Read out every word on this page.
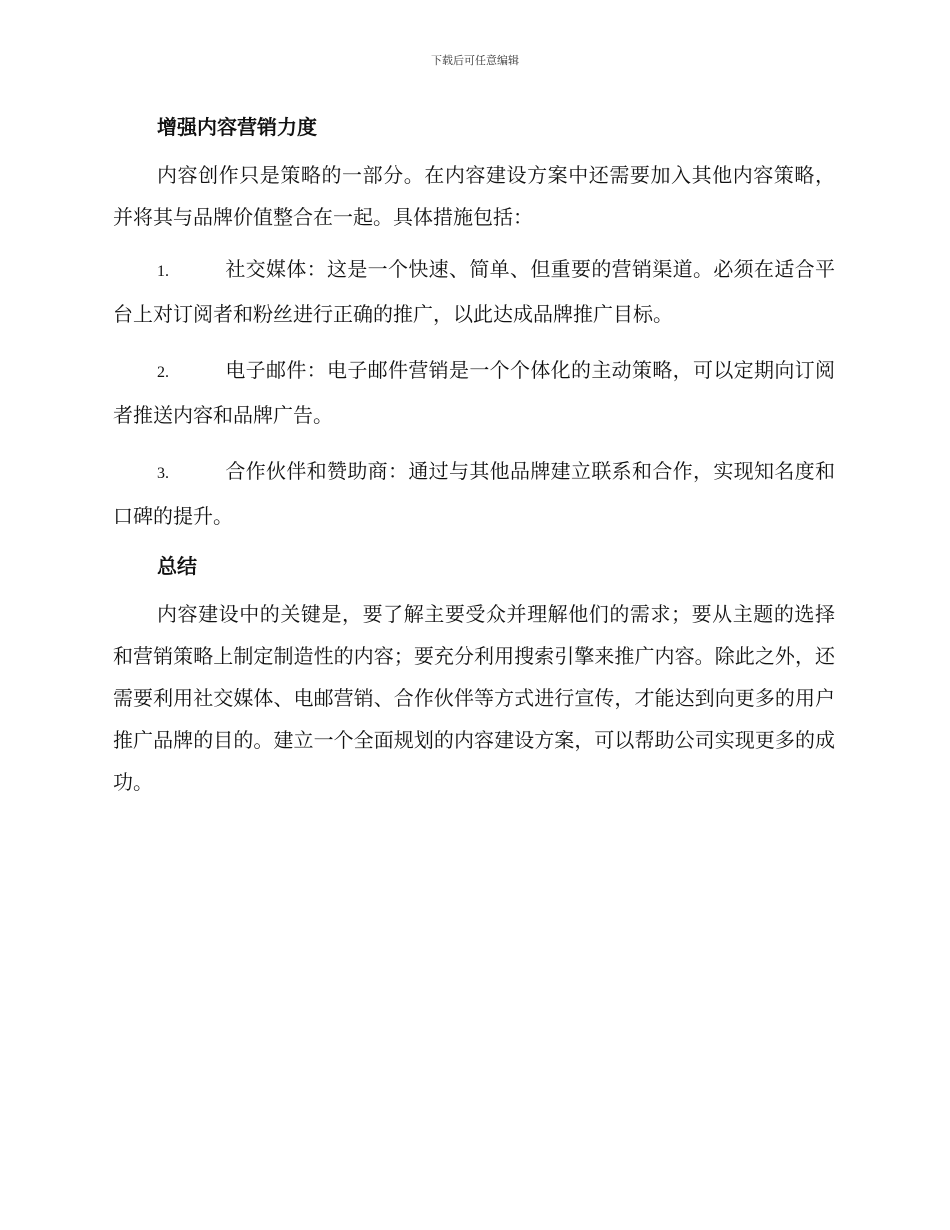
下载后可任意编辑
增强内容营销力度

内容创作只是策略的一部分。在内容建设方案中还需要加入其他内容策略，并将其与品牌价值整合在一起。具体措施包括：

1.	社交媒体：这是一个快速、简单、但重要的营销渠道。必须在适合平台上对订阅者和粉丝进行正确的推广，以此达成品牌推广目标。
2.	电子邮件：电子邮件营销是一个个体化的主动策略，可以定期向订阅者推送内容和品牌广告。
3.	合作伙伴和赞助商：通过与其他品牌建立联系和合作，实现知名度和口碑的提升。
总结

内容建设中的关键是，要了解主要受众并理解他们的需求；要从主题的选择和营销策略上制定制造性的内容；要充分利用搜索引擎来推广内容。除此之外，还需要利用社交媒体、电邮营销、合作伙伴等方式进行宣传，才能达到向更多的用户推广品牌的目的。建立一个全面规划的内容建设方案，可以帮助公司实现更多的成功。
